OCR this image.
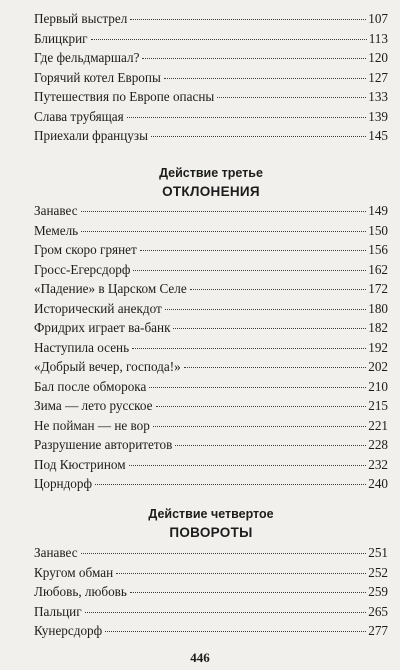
Первый выстрел	107
Блицкриг	113
Где фельдмаршал?	120
Горячий котел Европы	127
Путешествия по Европе опасны	133
Слава трубящая	139
Приехали французы	145
Действие третье
ОТКЛОНЕНИЯ
Занавес	149
Мемель	150
Гром скоро грянет	156
Гросс-Егерсдорф	162
«Падение» в Царском Селе	172
Исторический анекдот	180
Фридрих играет ва-банк	182
Наступила осень	192
«Добрый вечер, господа!»	202
Бал после обморока	210
Зима — лето русское	215
Не пойман — не вор	221
Разрушение авторитетов	228
Под Кюстрином	232
Цорндорф	240
Действие четвертое
ПОВОРОТЫ
Занавес	251
Кругом обман	252
Любовь, любовь	259
Пальциг	265
Кунерсдорф	277
446
